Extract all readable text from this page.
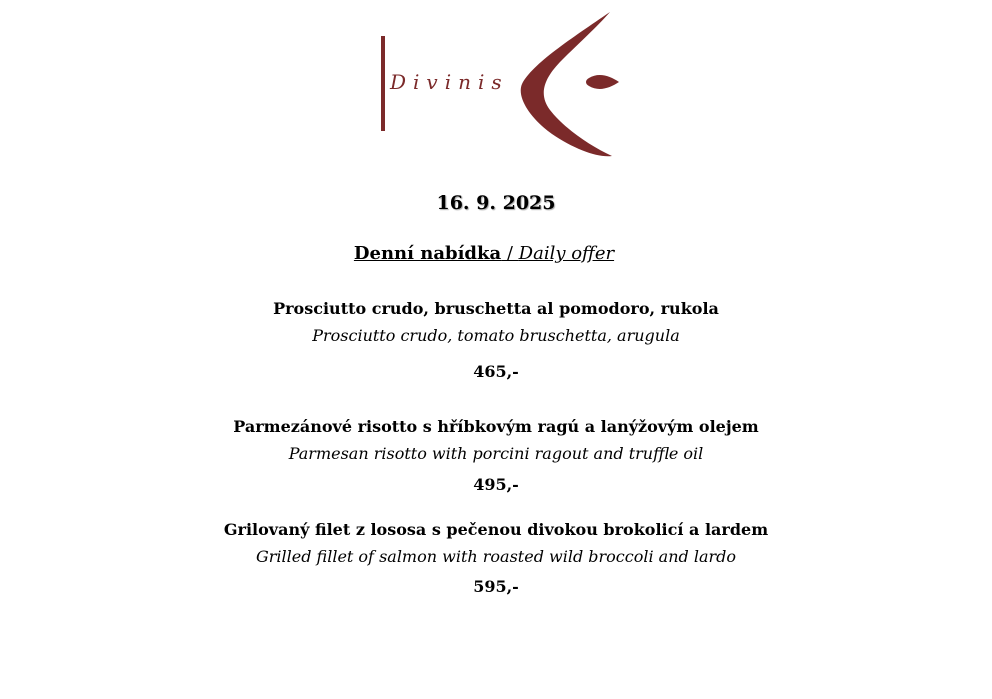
Divinis
16. 9. 2025
Denní nabídka / Daily offer
Prosciutto crudo, bruschetta al pomodoro, rukola
Prosciutto crudo, tomato bruschetta, arugula
465,-
Parmezánové risotto s hříbkovým ragú a lanýžovým olejem
Parmesan risotto with porcini ragout and truffle oil
495,-
Grilovaný filet z lososa s pečenou divokou brokolicí a lardem
Grilled fillet of salmon with roasted wild broccoli and lardo
595,-
